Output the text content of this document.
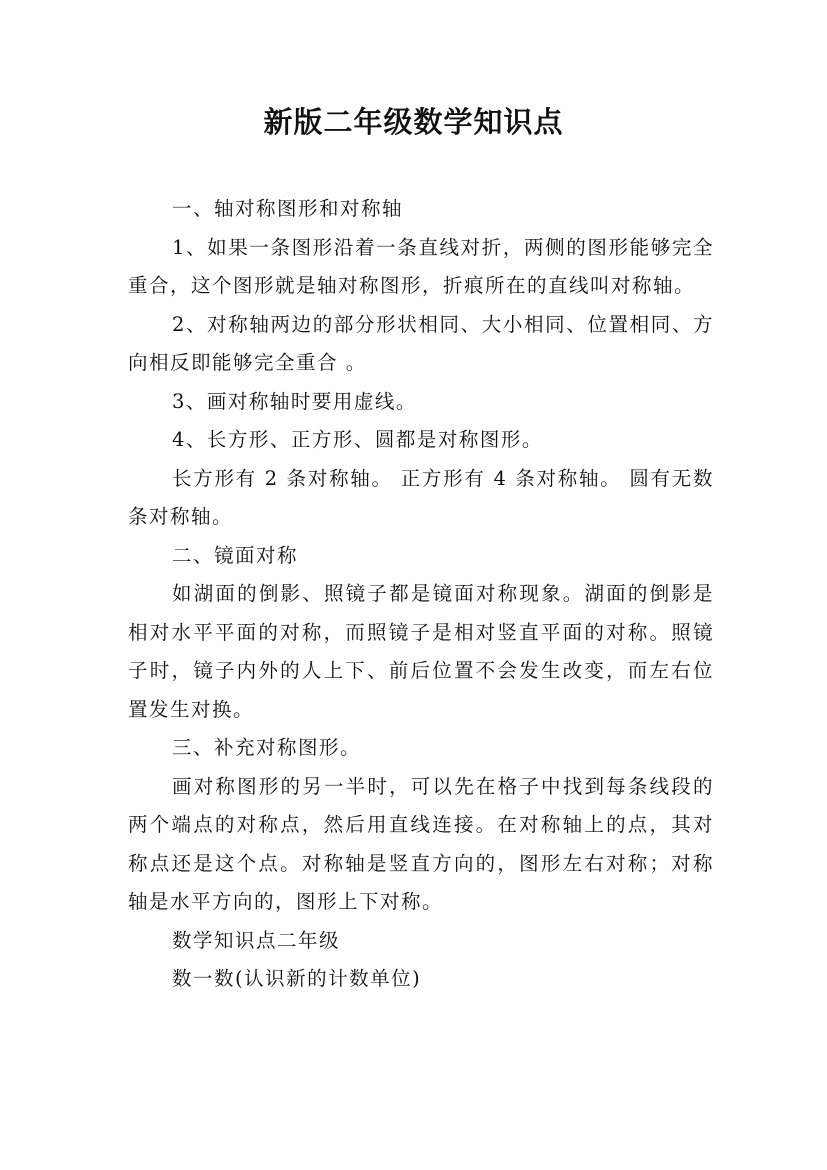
新版二年级数学知识点

一、轴对称图形和对称轴

1、如果一条图形沿着一条直线对折，两侧的图形能够完全重合，这个图形就是轴对称图形，折痕所在的直线叫对称轴。

2、对称轴两边的部分形状相同、大小相同、位置相同、方向相反即能够完全重合 。

3、画对称轴时要用虚线。

4、长方形、正方形、圆都是对称图形。

长方形有 2 条对称轴。 正方形有 4 条对称轴。 圆有无数条对称轴。

二、镜面对称

如湖面的倒影、照镜子都是镜面对称现象。湖面的倒影是相对水平平面的对称，而照镜子是相对竖直平面的对称。照镜子时，镜子内外的人上下、前后位置不会发生改变，而左右位置发生对换。

三、补充对称图形。

画对称图形的另一半时，可以先在格子中找到每条线段的两个端点的对称点，然后用直线连接。在对称轴上的点，其对称点还是这个点。对称轴是竖直方向的，图形左右对称；对称轴是水平方向的，图形上下对称。

数学知识点二年级

数一数(认识新的计数单位)
